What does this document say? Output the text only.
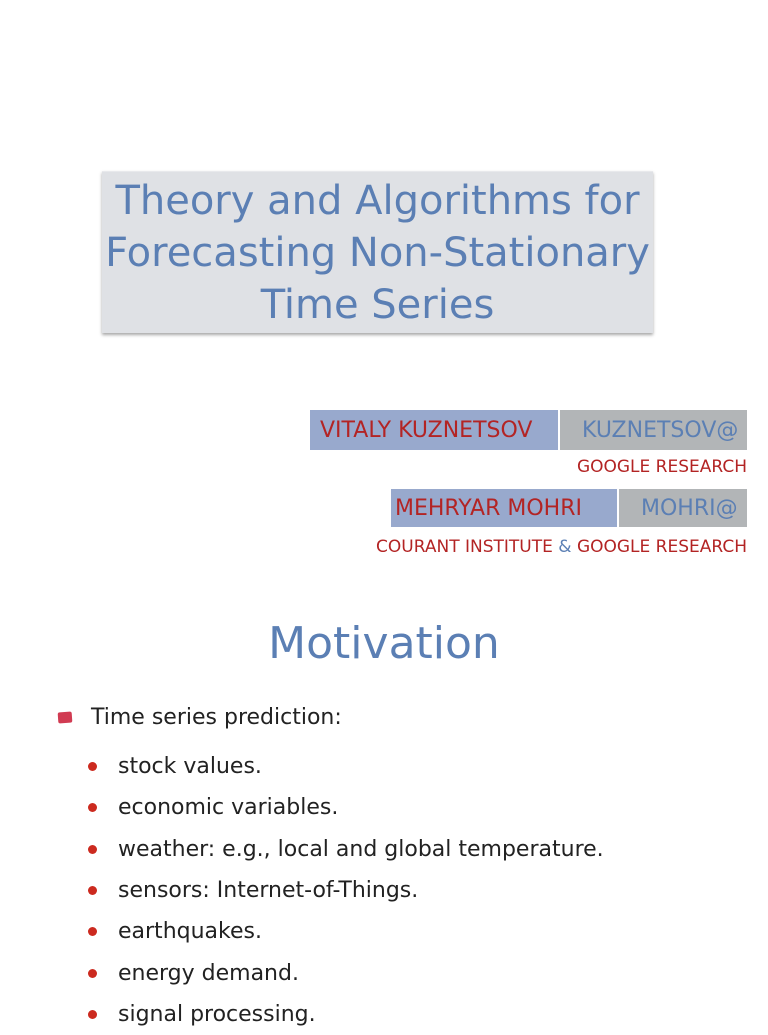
Theory and Algorithms for
Forecasting Non-Stationary
Time Series
VITALY KUZNETSOV	KUZNETSOV@
GOOGLE RESEARCH
MEHRYAR MOHRI	MOHRI@
COURANT INSTITUTE & GOOGLE RESEARCH
Motivation
Time series prediction:
stock values.
economic variables.
weather: e.g., local and global temperature.
sensors: Internet-of-Things.
earthquakes.
energy demand.
signal processing.
